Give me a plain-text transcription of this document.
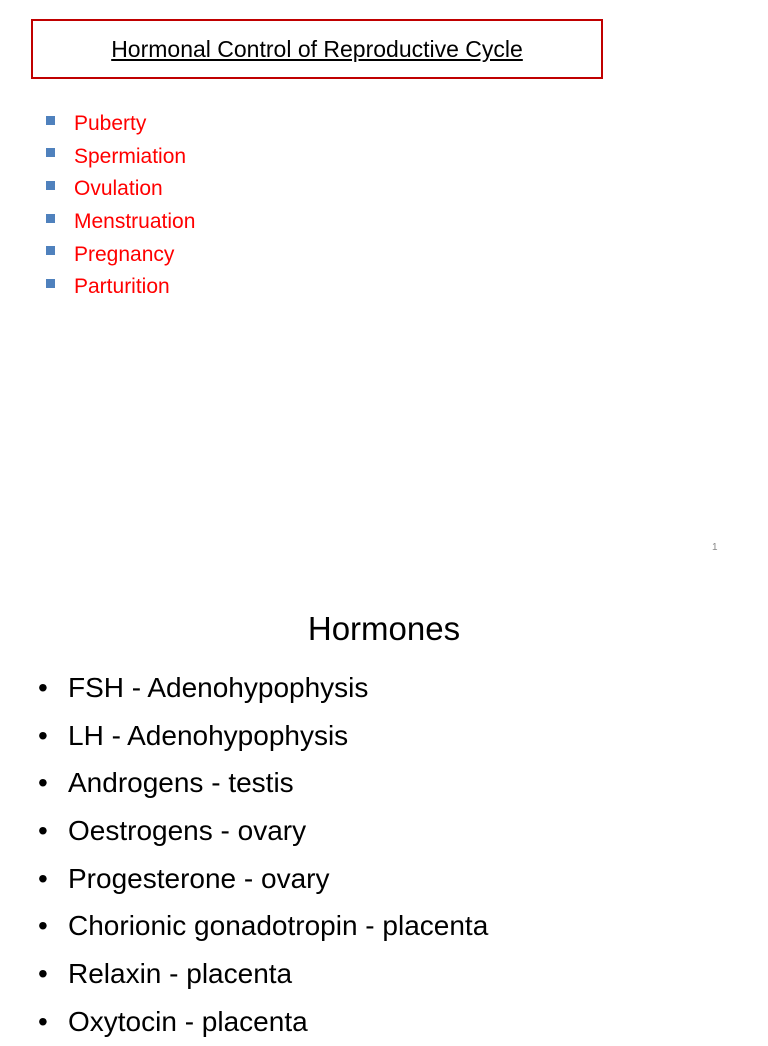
Hormonal Control of Reproductive Cycle
Puberty
Spermiation
Ovulation
Menstruation
Pregnancy
Parturition
1
Hormones
• FSH - Adenohypophysis
• LH - Adenohypophysis
• Androgens - testis
• Oestrogens - ovary
• Progesterone - ovary
• Chorionic gonadotropin - placenta
• Relaxin - placenta
• Oxytocin - placenta
